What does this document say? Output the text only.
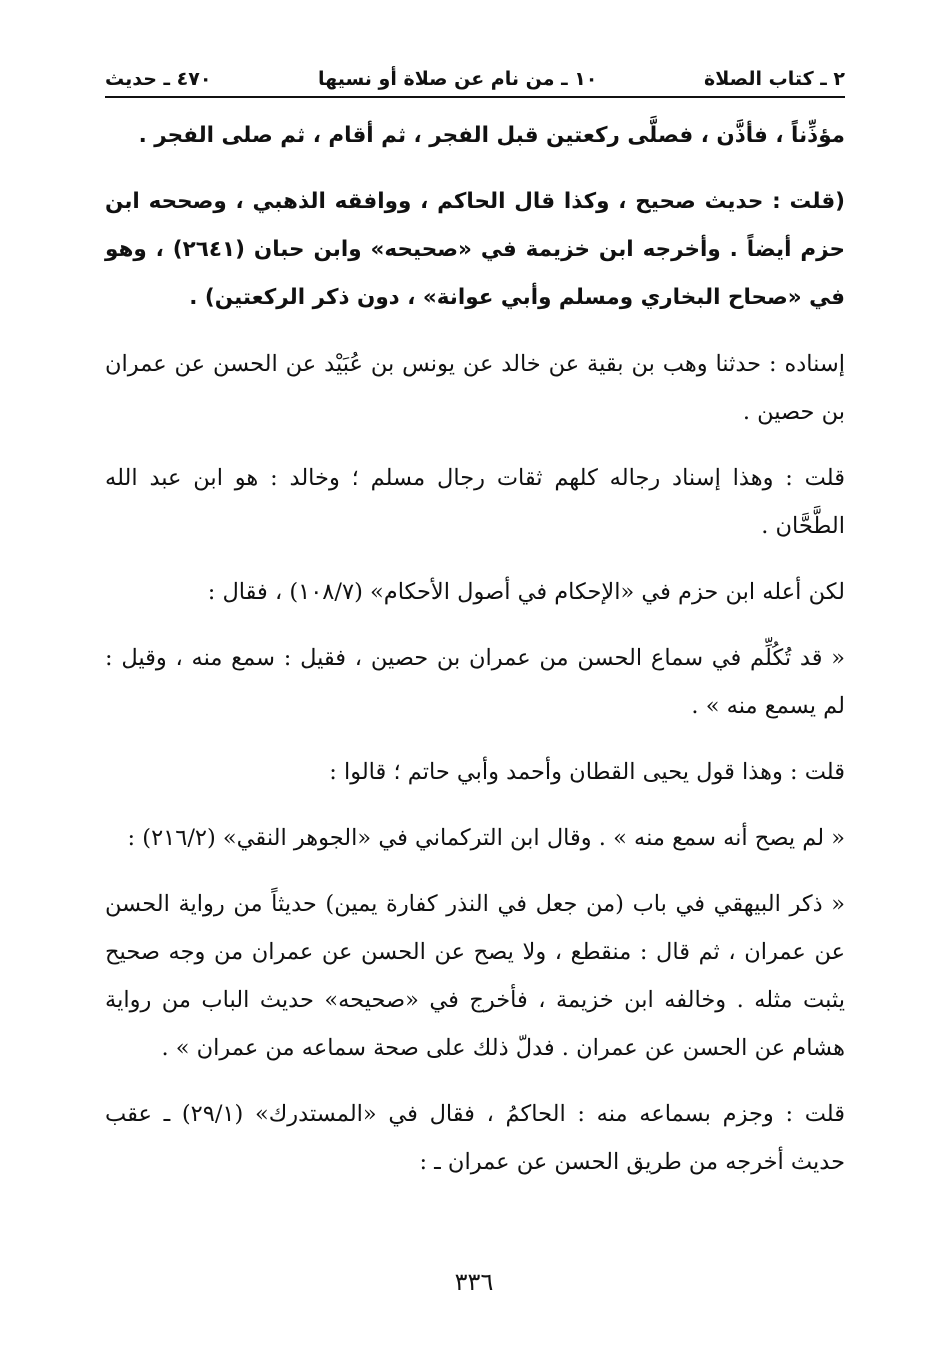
٢ ـ كتاب الصلاة
١٠ ـ من نام عن صلاة أو نسيها
٤٧٠ ـ حديث

مؤذِّناً ، فأذَّن ، فصلَّى ركعتين قبل الفجر ، ثم أقام ، ثم صلى الفجر .

(قلت : حديث صحيح ، وكذا قال الحاكم ، ووافقه الذهبي ، وصححه ابن حزم أيضاً . وأخرجه ابن خزيمة في «صحيحه» وابن حبان (٢٦٤١) ، وهو في «صحاح البخاري ومسلم وأبي عوانة» ، دون ذكر الركعتين) .

إسناده : حدثنا وهب بن بقية عن خالد عن يونس بن عُبَيْد عن الحسن عن عمران بن حصين .

قلت : وهذا إسناد رجاله كلهم ثقات رجال مسلم ؛ وخالد : هو ابن عبد الله الطَّحَّان .

لكن أعله ابن حزم في «الإحكام في أصول الأحكام» (١٠٨/٧) ، فقال :

« قد تُكُلِّم في سماع الحسن من عمران بن حصين ، فقيل : سمع منه ، وقيل : لم يسمع منه » .

قلت : وهذا قول يحيى القطان وأحمد وأبي حاتم ؛ قالوا :

« لم يصح أنه سمع منه » . وقال ابن التركماني في «الجوهر النقي» (٢١٦/٢) :

« ذكر البيهقي في باب (من جعل في النذر كفارة يمين) حديثاً من رواية الحسن عن عمران ، ثم قال : منقطع ، ولا يصح عن الحسن عن عمران من وجه صحيح يثبت مثله . وخالفه ابن خزيمة ، فأخرج في «صحيحه» حديث الباب من رواية هشام عن الحسن عن عمران . فدلّ ذلك على صحة سماعه من عمران » .

قلت : وجزم بسماعه منه : الحاكمُ ، فقال في «المستدرك» (٢٩/١) ـ عقب حديث أخرجه من طريق الحسن عن عمران ـ :

٣٣٦
